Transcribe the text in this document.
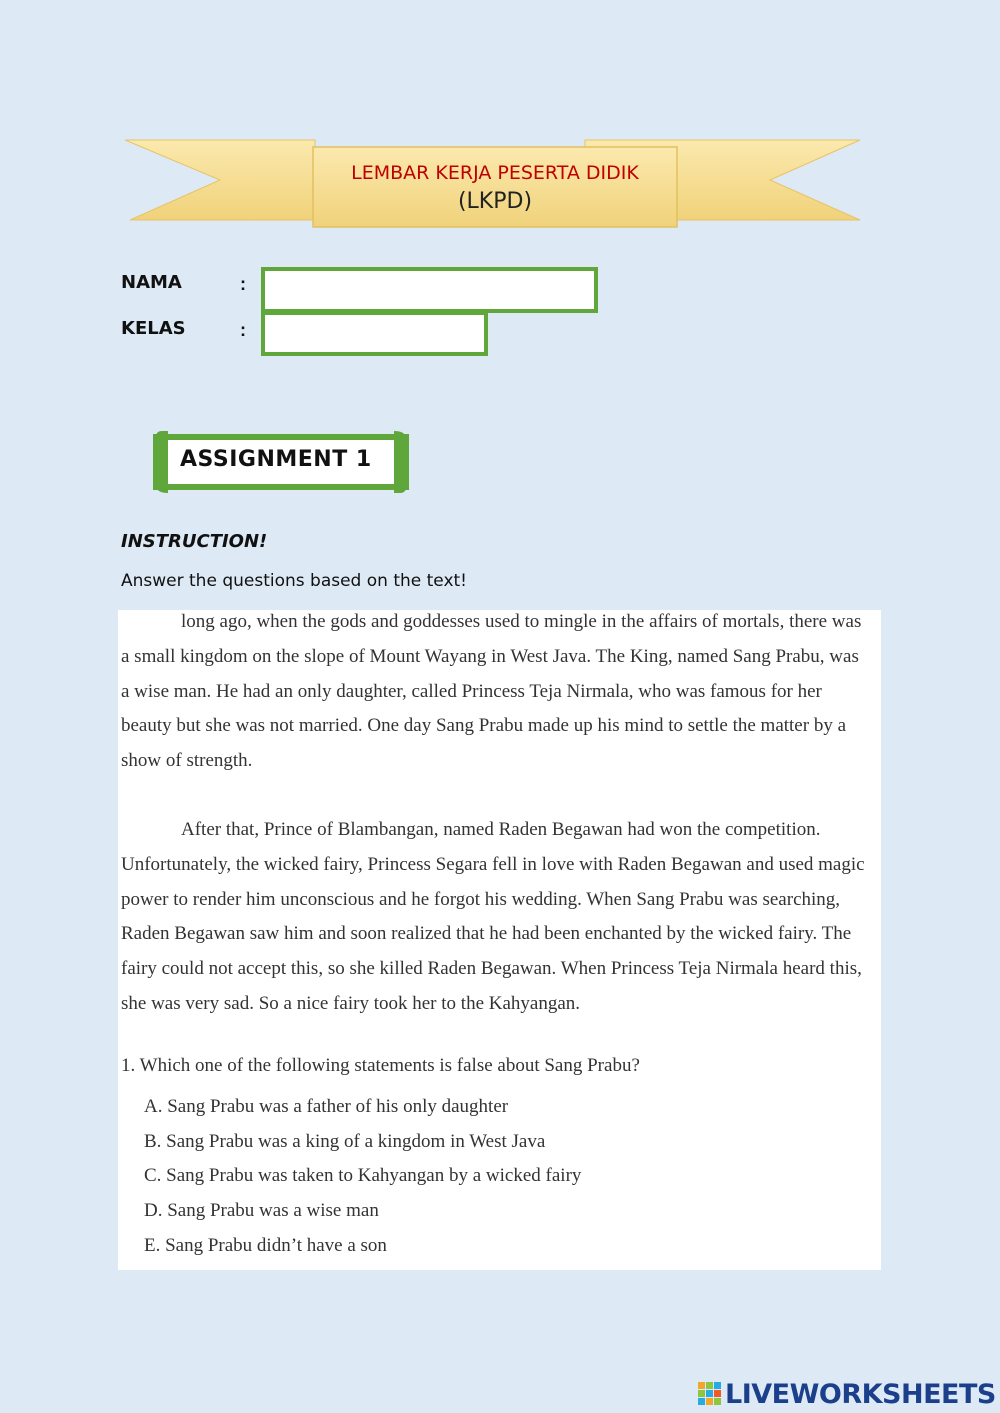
LEMBAR KERJA PESERTA DIDIK
(LKPD)
NAMA	:
KELAS	:
ASSIGNMENT 1
INSTRUCTION!
Answer the questions based on the text!

long ago, when the gods and goddesses used to mingle in the affairs of mortals, there was a small kingdom on the slope of Mount Wayang in West Java. The King, named Sang Prabu, was a wise man. He had an only daughter, called Princess Teja Nirmala, who was famous for her beauty but she was not married. One day Sang Prabu made up his mind to settle the matter by a show of strength.

After that, Prince of Blambangan, named Raden Begawan had won the competition. Unfortunately, the wicked fairy, Princess Segara fell in love with Raden Begawan and used magic power to render him unconscious and he forgot his wedding. When Sang Prabu was searching, Raden Begawan saw him and soon realized that he had been enchanted by the wicked fairy. The fairy could not accept this, so she killed Raden Begawan. When Princess Teja Nirmala heard this, she was very sad. So a nice fairy took her to the Kahyangan.

1. Which one of the following statements is false about Sang Prabu?
A. Sang Prabu was a father of his only daughter
B. Sang Prabu was a king of a kingdom in West Java
C. Sang Prabu was taken to Kahyangan by a wicked fairy
D. Sang Prabu was a wise man
E. Sang Prabu didn’t have a son
LIVEWORKSHEETS
